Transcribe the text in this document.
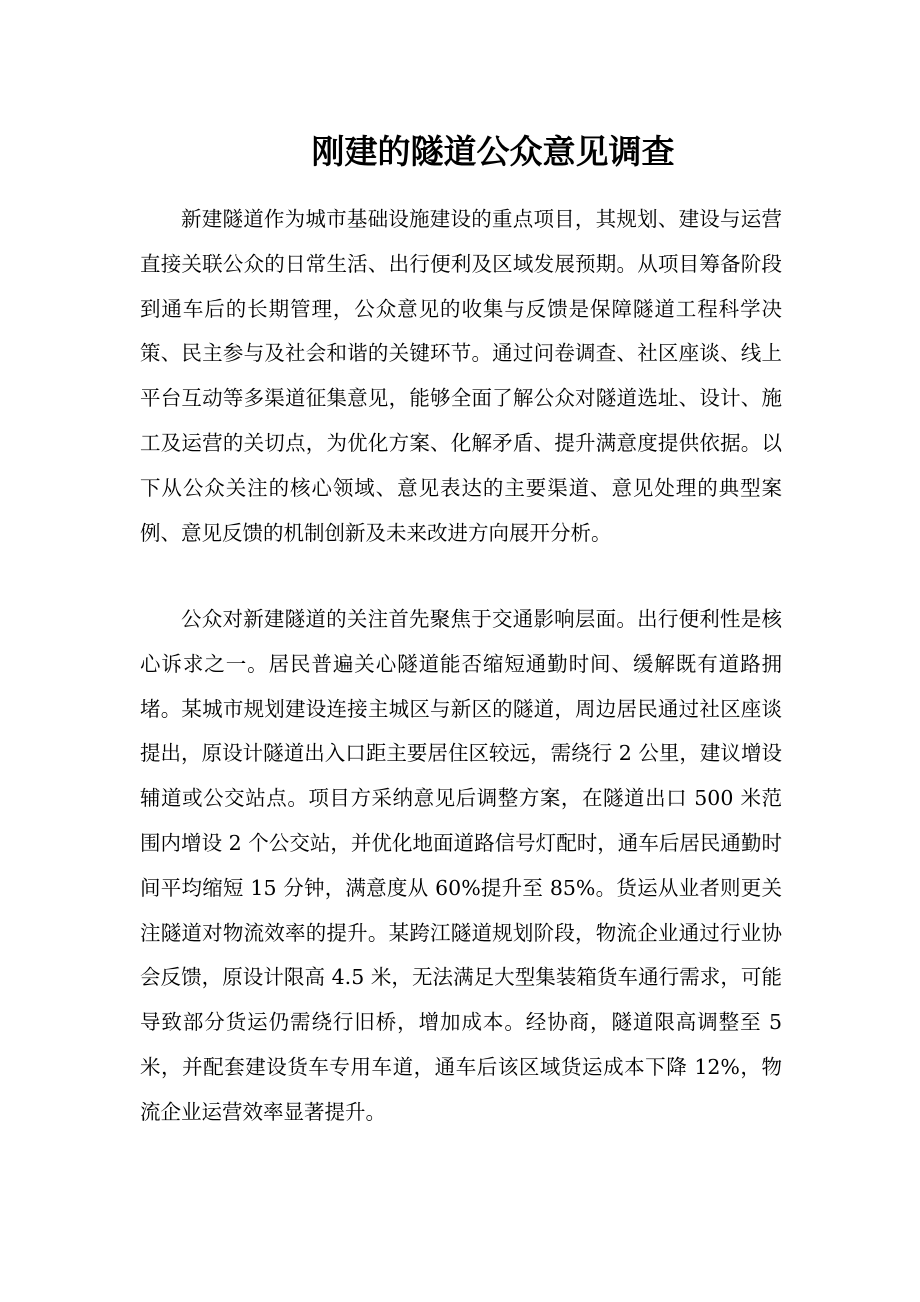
刚建的隧道公众意见调查

新建隧道作为城市基础设施建设的重点项目，其规划、建设与运营直接关联公众的日常生活、出行便利及区域发展预期。从项目筹备阶段到通车后的长期管理，公众意见的收集与反馈是保障隧道工程科学决策、民主参与及社会和谐的关键环节。通过问卷调查、社区座谈、线上平台互动等多渠道征集意见，能够全面了解公众对隧道选址、设计、施工及运营的关切点，为优化方案、化解矛盾、提升满意度提供依据。以下从公众关注的核心领域、意见表达的主要渠道、意见处理的典型案例、意见反馈的机制创新及未来改进方向展开分析。

公众对新建隧道的关注首先聚焦于交通影响层面。出行便利性是核心诉求之一。居民普遍关心隧道能否缩短通勤时间、缓解既有道路拥堵。某城市规划建设连接主城区与新区的隧道，周边居民通过社区座谈提出，原设计隧道出入口距主要居住区较远，需绕行 2 公里，建议增设辅道或公交站点。项目方采纳意见后调整方案，在隧道出口 500 米范围内增设 2 个公交站，并优化地面道路信号灯配时，通车后居民通勤时间平均缩短 15 分钟，满意度从 60%提升至 85%。货运从业者则更关注隧道对物流效率的提升。某跨江隧道规划阶段，物流企业通过行业协会反馈，原设计限高 4.5 米，无法满足大型集装箱货车通行需求，可能导致部分货运仍需绕行旧桥，增加成本。经协商，隧道限高调整至 5 米，并配套建设货车专用车道，通车后该区域货运成本下降 12%，物流企业运营效率显著提升。
